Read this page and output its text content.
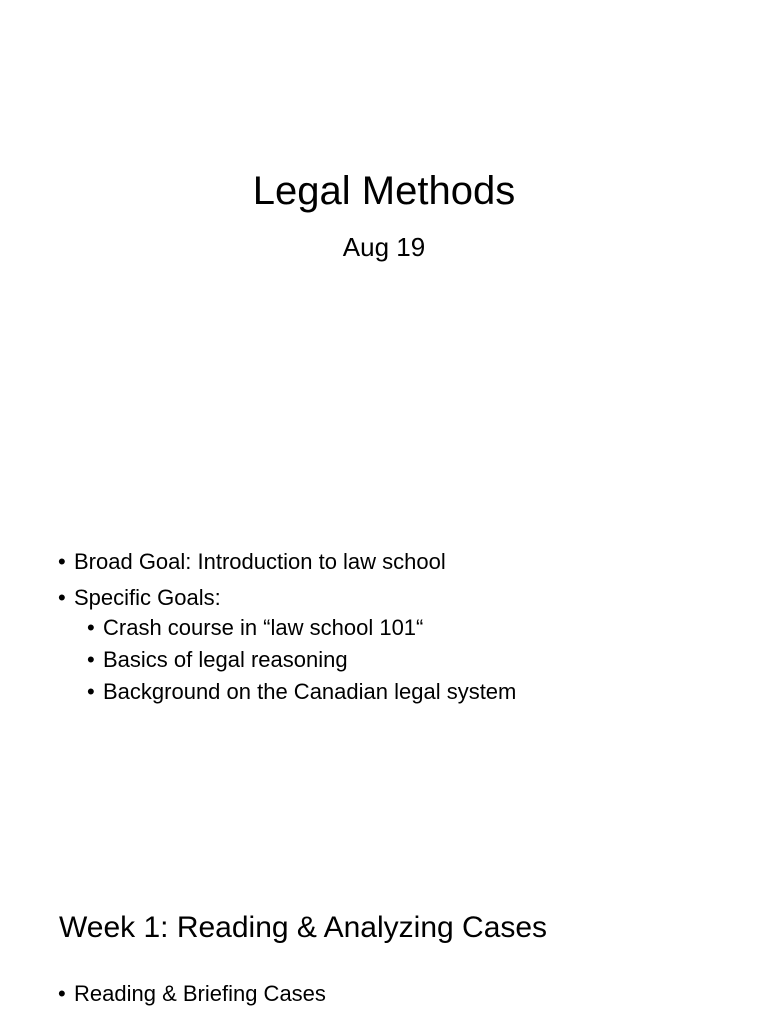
Legal Methods

Aug 19

• Broad Goal: Introduction to law school
• Specific Goals:
• Crash course in “law school 101“
• Basics of legal reasoning
• Background on the Canadian legal system
Week 1: Reading & Analyzing Cases
• Reading & Briefing Cases
